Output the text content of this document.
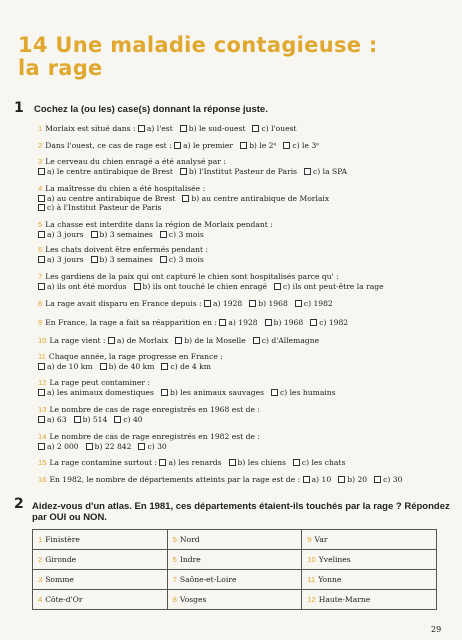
14 Une maladie contagieuse :
la rage
1 Cochez la (ou les) case(s) donnant la réponse juste.
1 Morlaix est situé dans : a) l'est b) le sud-ouest c) l'ouest
2 Dans l'ouest, ce cas de rage est : a) le premier b) le 2ᵉ c) le 3ᵉ
3 Le cerveau du chien enragé a été analysé par :
a) le centre antirabique de Brest b) l'Institut Pasteur de Paris c) la SPA
4 La maîtresse du chien a été hospitalisée :
a) au centre antirabique de Brest b) au centre antirabique de Morlaix
c) à l'Institut Pasteur de Paris
5 La chasse est interdite dans la région de Morlaix pendant :
a) 3 jours b) 3 semaines c) 3 mois
6 Les chats doivent être enfermés pendant :
a) 3 jours b) 3 semaines c) 3 mois
7 Les gardiens de la paix qui ont capturé le chien sont hospitalisés parce qu' :
a) ils ont été mordus b) ils ont touché le chien enragé c) ils ont peut-être la rage
8 La rage avait disparu en France depuis : a) 1928 b) 1968 c) 1982
9 En France, la rage a fait sa réapparition en : a) 1928 b) 1968 c) 1982
10 La rage vient : a) de Morlaix b) de la Moselle c) d'Allemagne
11 Chaque année, la rage progresse en France :
a) de 10 km b) de 40 km c) de 4 km
12 La rage peut contaminer :
a) les animaux domestiques b) les animaux sauvages c) les humains
13 Le nombre de cas de rage enregistrés en 1968 est de :
a) 63 b) 514 c) 40
14 Le nombre de cas de rage enregistrés en 1982 est de :
a) 2 000 b) 22 842 c) 30
15 La rage contamine surtout : a) les renards b) les chiens c) les chats
16 En 1982, le nombre de départements atteints par la rage est de : a) 10 b) 20 c) 30
2 Aidez-vous d'un atlas. En 1981, ces départements étaient-ils touchés par la rage ? Répondez
par OUI ou NON.
1 Finistère	5 Nord	9 Var
2 Gironde	6 Indre	10 Yvelines
3 Somme	7 Saône-et-Loire	11 Yonne
4 Côte-d'Or	8 Vosges	12 Haute-Marne
29
